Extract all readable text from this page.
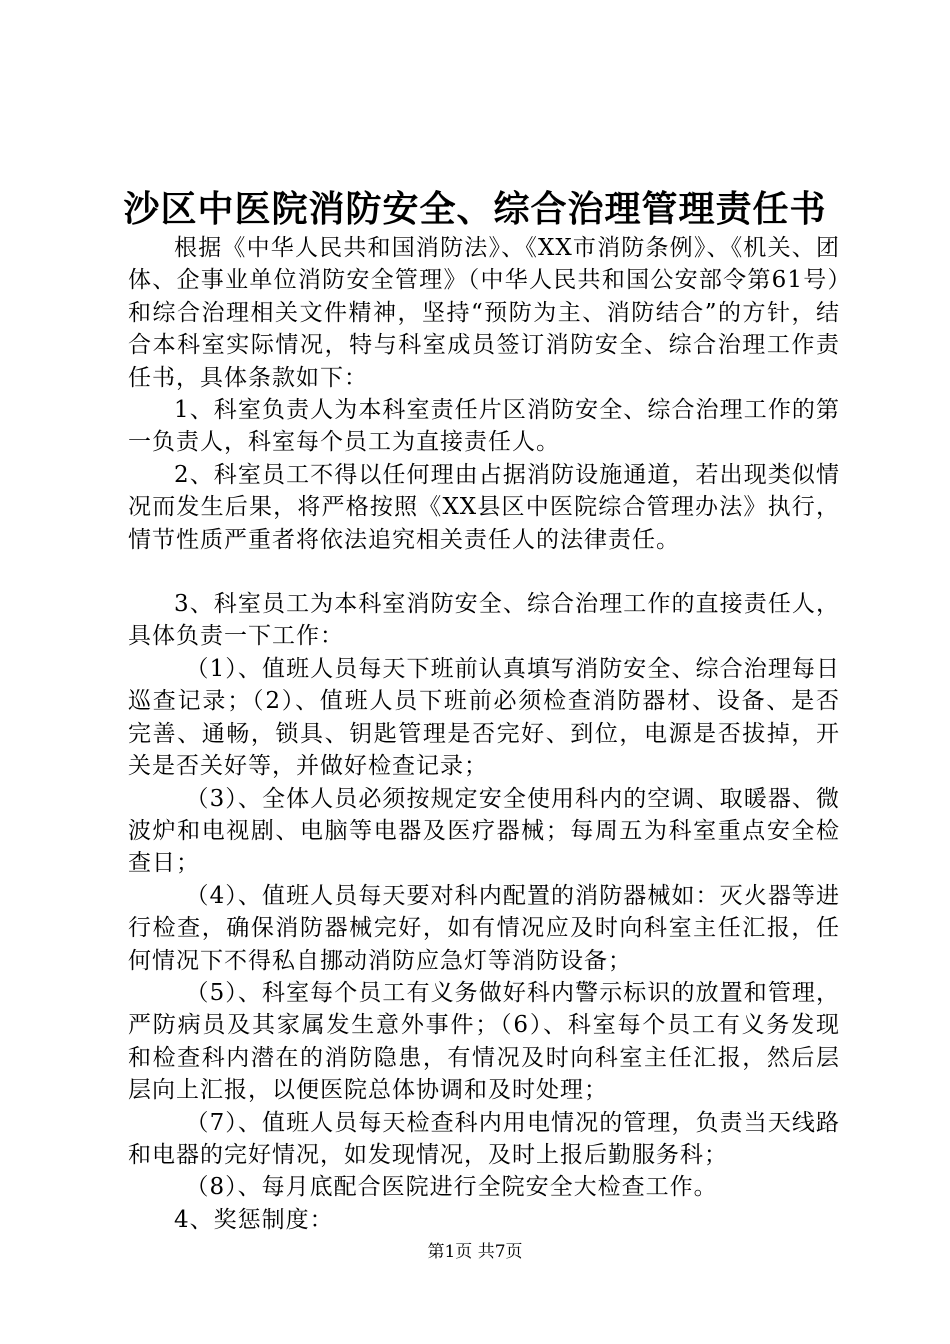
沙区中医院消防安全、综合治理管理责任书

根据《中华人民共和国消防法》、《XX市消防条例》、《机关、团体、企事业单位消防安全管理》（中华人民共和国公安部令第61号）和综合治理相关文件精神，坚持“预防为主、消防结合”的方针，结合本科室实际情况，特与科室成员签订消防安全、综合治理工作责任书，具体条款如下：

1、科室负责人为本科室责任片区消防安全、综合治理工作的第一负责人，科室每个员工为直接责任人。

2、科室员工不得以任何理由占据消防设施通道，若出现类似情况而发生后果，将严格按照《XX县区中医院综合管理办法》执行，情节性质严重者将依法追究相关责任人的法律责任。

3、科室员工为本科室消防安全、综合治理工作的直接责任人，具体负责一下工作：

（1）、值班人员每天下班前认真填写消防安全、综合治理每日巡查记录；（2）、值班人员下班前必须检查消防器材、设备、是否完善、通畅，锁具、钥匙管理是否完好、到位，电源是否拔掉，开关是否关好等，并做好检查记录；

（3）、全体人员必须按规定安全使用科内的空调、取暖器、微波炉和电视剧、电脑等电器及医疗器械；每周五为科室重点安全检查日；

（4）、值班人员每天要对科内配置的消防器械如：灭火器等进行检查，确保消防器械完好，如有情况应及时向科室主任汇报，任何情况下不得私自挪动消防应急灯等消防设备；

（5）、科室每个员工有义务做好科内警示标识的放置和管理，严防病员及其家属发生意外事件；（6）、科室每个员工有义务发现和检查科内潜在的消防隐患，有情况及时向科室主任汇报，然后层层向上汇报，以便医院总体协调和及时处理；

（7）、值班人员每天检查科内用电情况的管理，负责当天线路和电器的完好情况，如发现情况，及时上报后勤服务科；

（8）、每月底配合医院进行全院安全大检查工作。

4、奖惩制度：

第1页 共7页
